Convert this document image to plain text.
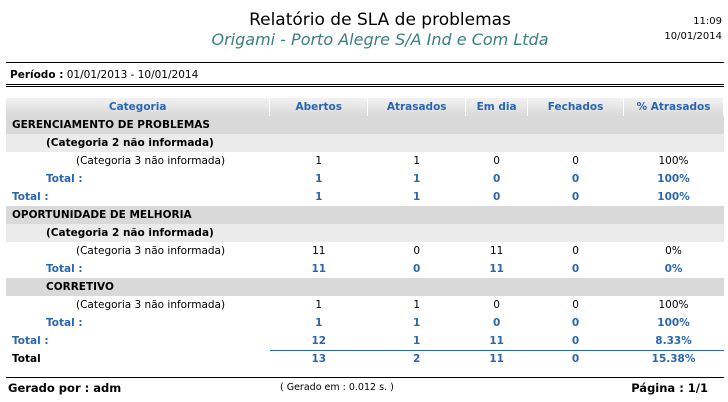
Relatório de SLA de problemas
Origami - Porto Alegre S/A Ind e Com Ltda
11:09
10/01/2014
Período : 01/01/2013 - 10/01/2014
Categoria	Abertos	Atrasados	Em dia	Fechados	% Atrasados
GERENCIAMENTO DE PROBLEMAS					
(Categoria 2 não informada)					
(Categoria 3 não informada)	1	1	0	0	100%
Total :	1	1	0	0	100%
Total :	1	1	0	0	100%
OPORTUNIDADE DE MELHORIA					
(Categoria 2 não informada)					
(Categoria 3 não informada)	11	0	11	0	0%
Total :	11	0	11	0	0%
CORRETIVO					
(Categoria 3 não informada)	1	1	0	0	100%
Total :	1	1	0	0	100%
Total :	12	1	11	0	8.33%
Total	13	2	11	0	15.38%
Gerado por : adm	( Gerado em : 0.012 s. )	Página : 1/1
